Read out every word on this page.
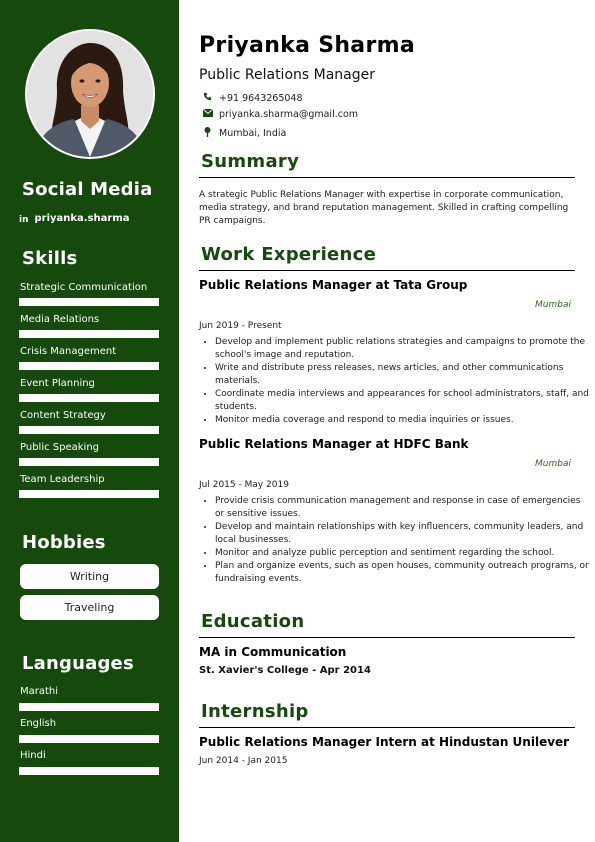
Social Media
in priyanka.sharma
Skills
Strategic Communication
Media Relations
Crisis Management
Event Planning
Content Strategy
Public Speaking
Team Leadership
Hobbies
Writing
Traveling
Languages
Marathi
English
Hindi
Priyanka Sharma
Public Relations Manager
+91 9643265048
priyanka.sharma@gmail.com
Mumbai, India
Summary
A strategic Public Relations Manager with expertise in corporate communication, media strategy, and brand reputation management. Skilled in crafting compelling PR campaigns.
Work Experience
Public Relations Manager at Tata Group
Mumbai
Jun 2019 - Present
• Develop and implement public relations strategies and campaigns to promote the school's image and reputation.
• Write and distribute press releases, news articles, and other communications materials.
• Coordinate media interviews and appearances for school administrators, staff, and students.
• Monitor media coverage and respond to media inquiries or issues.
Public Relations Manager at HDFC Bank
Mumbai
Jul 2015 - May 2019
• Provide crisis communication management and response in case of emergencies or sensitive issues.
• Develop and maintain relationships with key influencers, community leaders, and local businesses.
• Monitor and analyze public perception and sentiment regarding the school.
• Plan and organize events, such as open houses, community outreach programs, or fundraising events.
Education
MA in Communication
St. Xavier's College - Apr 2014
Internship
Public Relations Manager Intern at Hindustan Unilever
Jun 2014 - Jan 2015
